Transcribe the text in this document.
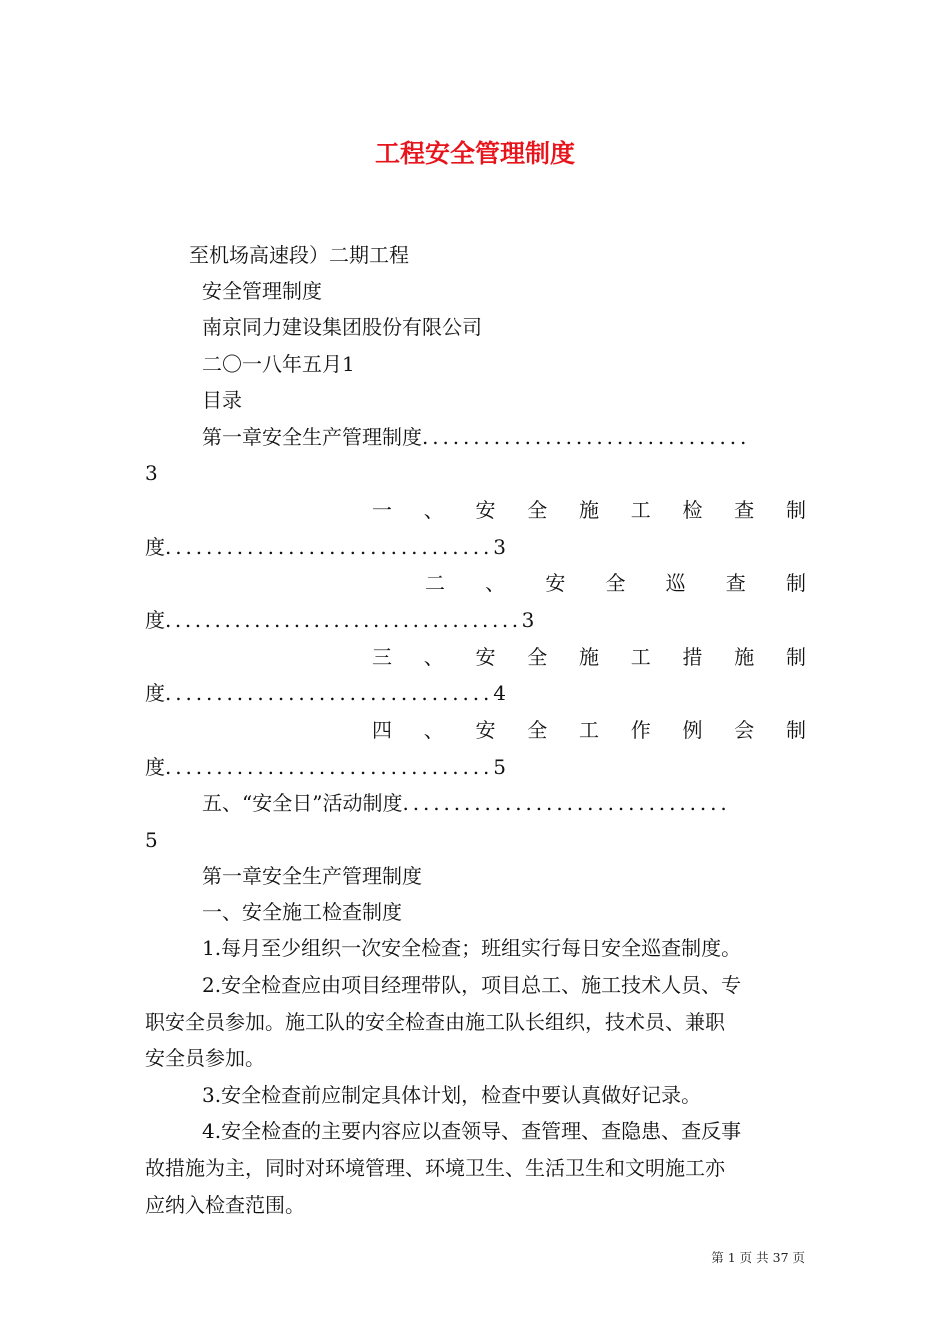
工程安全管理制度
至机场高速段）二期工程
安全管理制度
南京同力建设集团股份有限公司
二〇一八年五月1
目录
第一章安全生产管理制度................................
3
一 、 安 全 施 工 检 查 制
度................................3
二 、 安 全 巡 查 制
度....................................3
三 、 安 全 施 工 措 施 制
度................................4
四 、 安 全 工 作 例 会 制
度................................5
五、“安全日”活动制度................................
5
第一章安全生产管理制度
一、安全施工检查制度
1.每月至少组织一次安全检查；班组实行每日安全巡查制度。
2.安全检查应由项目经理带队，项目总工、施工技术人员、专
职安全员参加。施工队的安全检查由施工队长组织，技术员、兼职
安全员参加。
3.安全检查前应制定具体计划，检查中要认真做好记录。
4.安全检查的主要内容应以查领导、查管理、查隐患、查反事
故措施为主，同时对环境管理、环境卫生、生活卫生和文明施工亦
应纳入检查范围。
第 1 页 共 37 页
